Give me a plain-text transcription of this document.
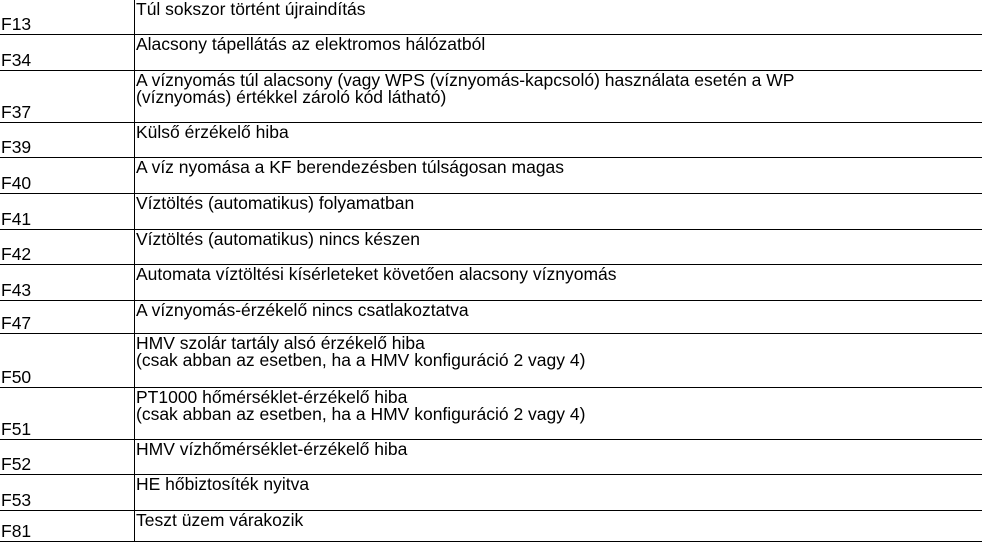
F13	Túl sokszor történt újraindítás

F34	Alacsony tápellátás az elektromos hálózatból

F37	A víznyomás túl alacsony (vagy WPS (víznyomás-kapcsoló) használata esetén a WP
(víznyomás) értékkel zároló kód látható)

F39	Külső érzékelő hiba

F40	A víz nyomása a KF berendezésben túlságosan magas

F41	Víztöltés (automatikus) folyamatban

F42	Víztöltés (automatikus) nincs készen

F43	Automata víztöltési kísérleteket követően alacsony víznyomás

F47	A víznyomás-érzékelő nincs csatlakoztatva

F50	HMV szolár tartály alsó érzékelő hiba
(csak abban az esetben, ha a HMV konfiguráció 2 vagy 4)

F51	PT1000 hőmérséklet-érzékelő hiba
(csak abban az esetben, ha a HMV konfiguráció 2 vagy 4)

F52	HMV vízhőmérséklet-érzékelő hiba

F53	HE hőbiztosíték nyitva

F81	Teszt üzem várakozik
